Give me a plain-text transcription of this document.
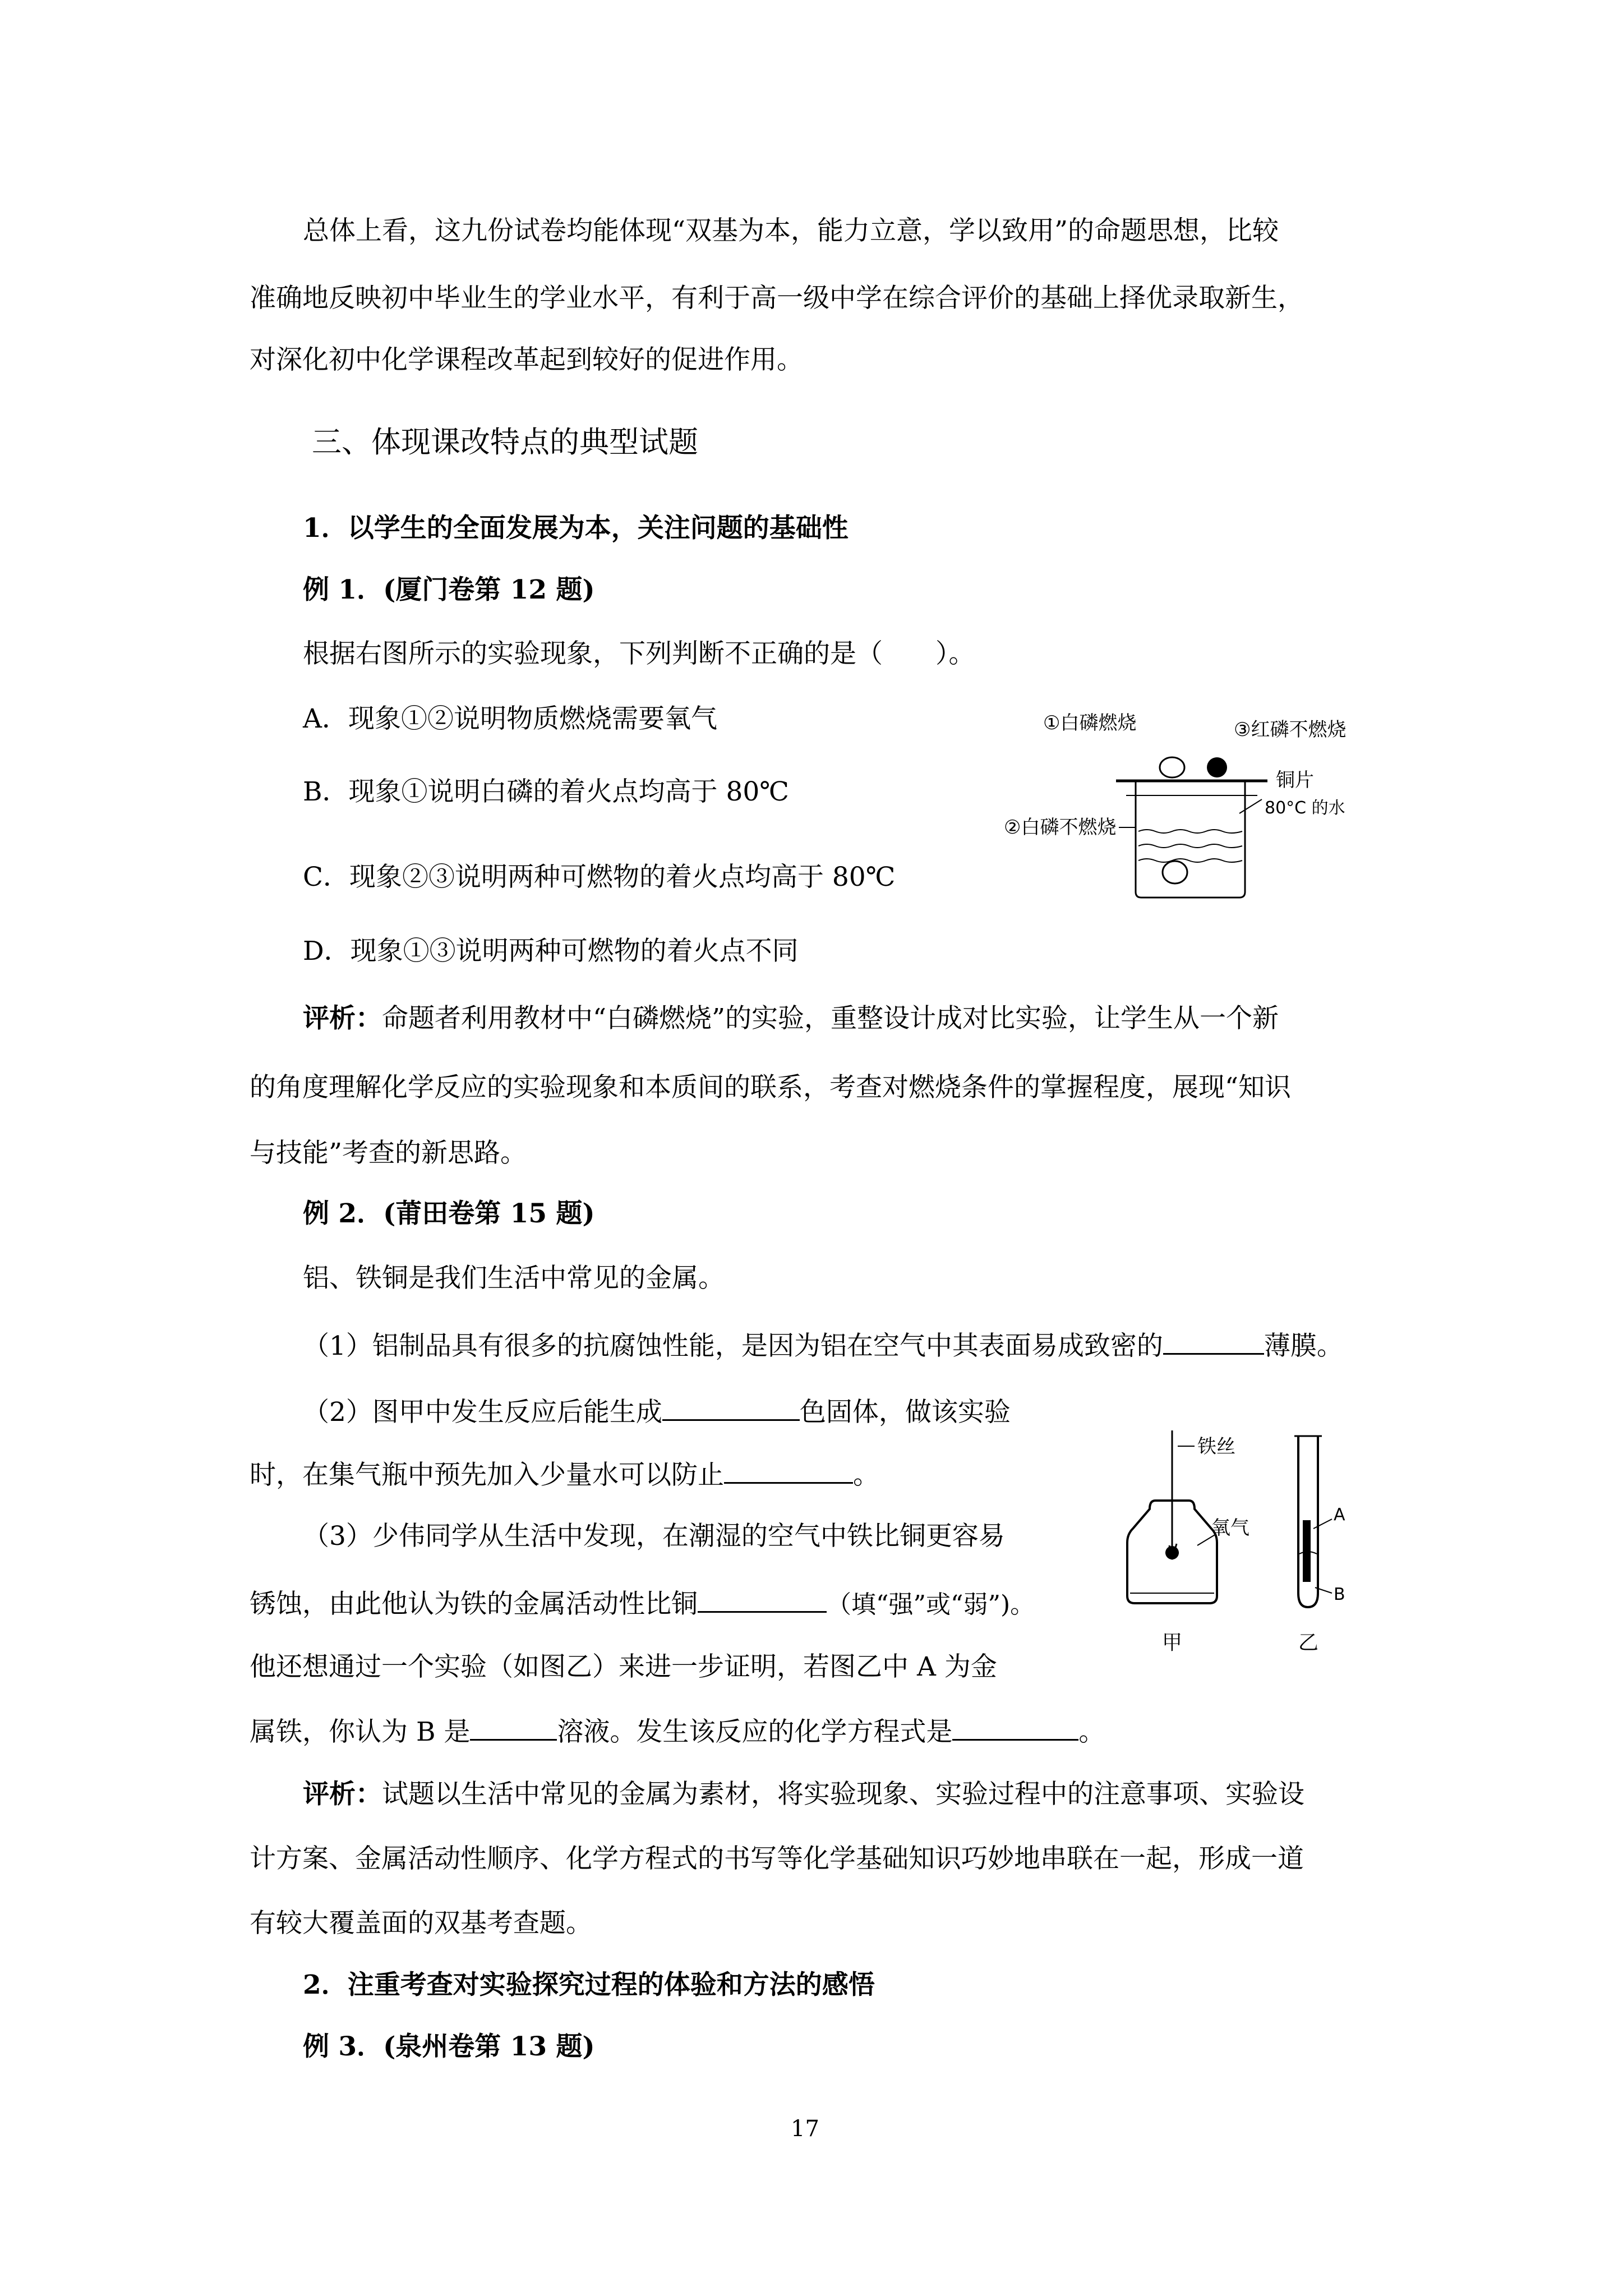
总体上看，这九份试卷均能体现“双基为本，能力立意，学以致用”的命题思想，比较
准确地反映初中毕业生的学业水平，有利于高一级中学在综合评价的基础上择优录取新生，
对深化初中化学课程改革起到较好的促进作用。
三、体现课改特点的典型试题
1．以学生的全面发展为本，关注问题的基础性
例 1．(厦门卷第 12 题)
根据右图所示的实验现象，下列判断不正确的是（　　）。
A．现象①②说明物质燃烧需要氧气
B．现象①说明白磷的着火点均高于 80℃
C．现象②③说明两种可燃物的着火点均高于 80℃
D．现象①③说明两种可燃物的着火点不同
①白磷燃烧	③红磷不燃烧
铜片
②白磷不燃烧
80°C 的水
评析：命题者利用教材中“白磷燃烧”的实验，重整设计成对比实验，让学生从一个新
的角度理解化学反应的实验现象和本质间的联系，考查对燃烧条件的掌握程度，展现“知识
与技能”考查的新思路。
例 2．(莆田卷第 15 题)
铝、铁铜是我们生活中常见的金属。
（1）铝制品具有很多的抗腐蚀性能，是因为铝在空气中其表面易成致密的	薄膜。
（2）图甲中发生反应后能生成	色固体，做该实验
时，在集气瓶中预先加入少量水可以防止	。
（3）少伟同学从生活中发现，在潮湿的空气中铁比铜更容易
锈蚀，由此他认为铁的金属活动性比铜	（填“强”或“弱”)。
他还想通过一个实验（如图乙）来进一步证明，若图乙中 A 为金
属铁，你认为 B 是	溶液。发生该反应的化学方程式是	。
铁丝
氧气
甲
A
B
乙
评析：试题以生活中常见的金属为素材，将实验现象、实验过程中的注意事项、实验设
计方案、金属活动性顺序、化学方程式的书写等化学基础知识巧妙地串联在一起，形成一道
有较大覆盖面的双基考查题。
2．注重考查对实验探究过程的体验和方法的感悟
例 3．(泉州卷第 13 题)
17
